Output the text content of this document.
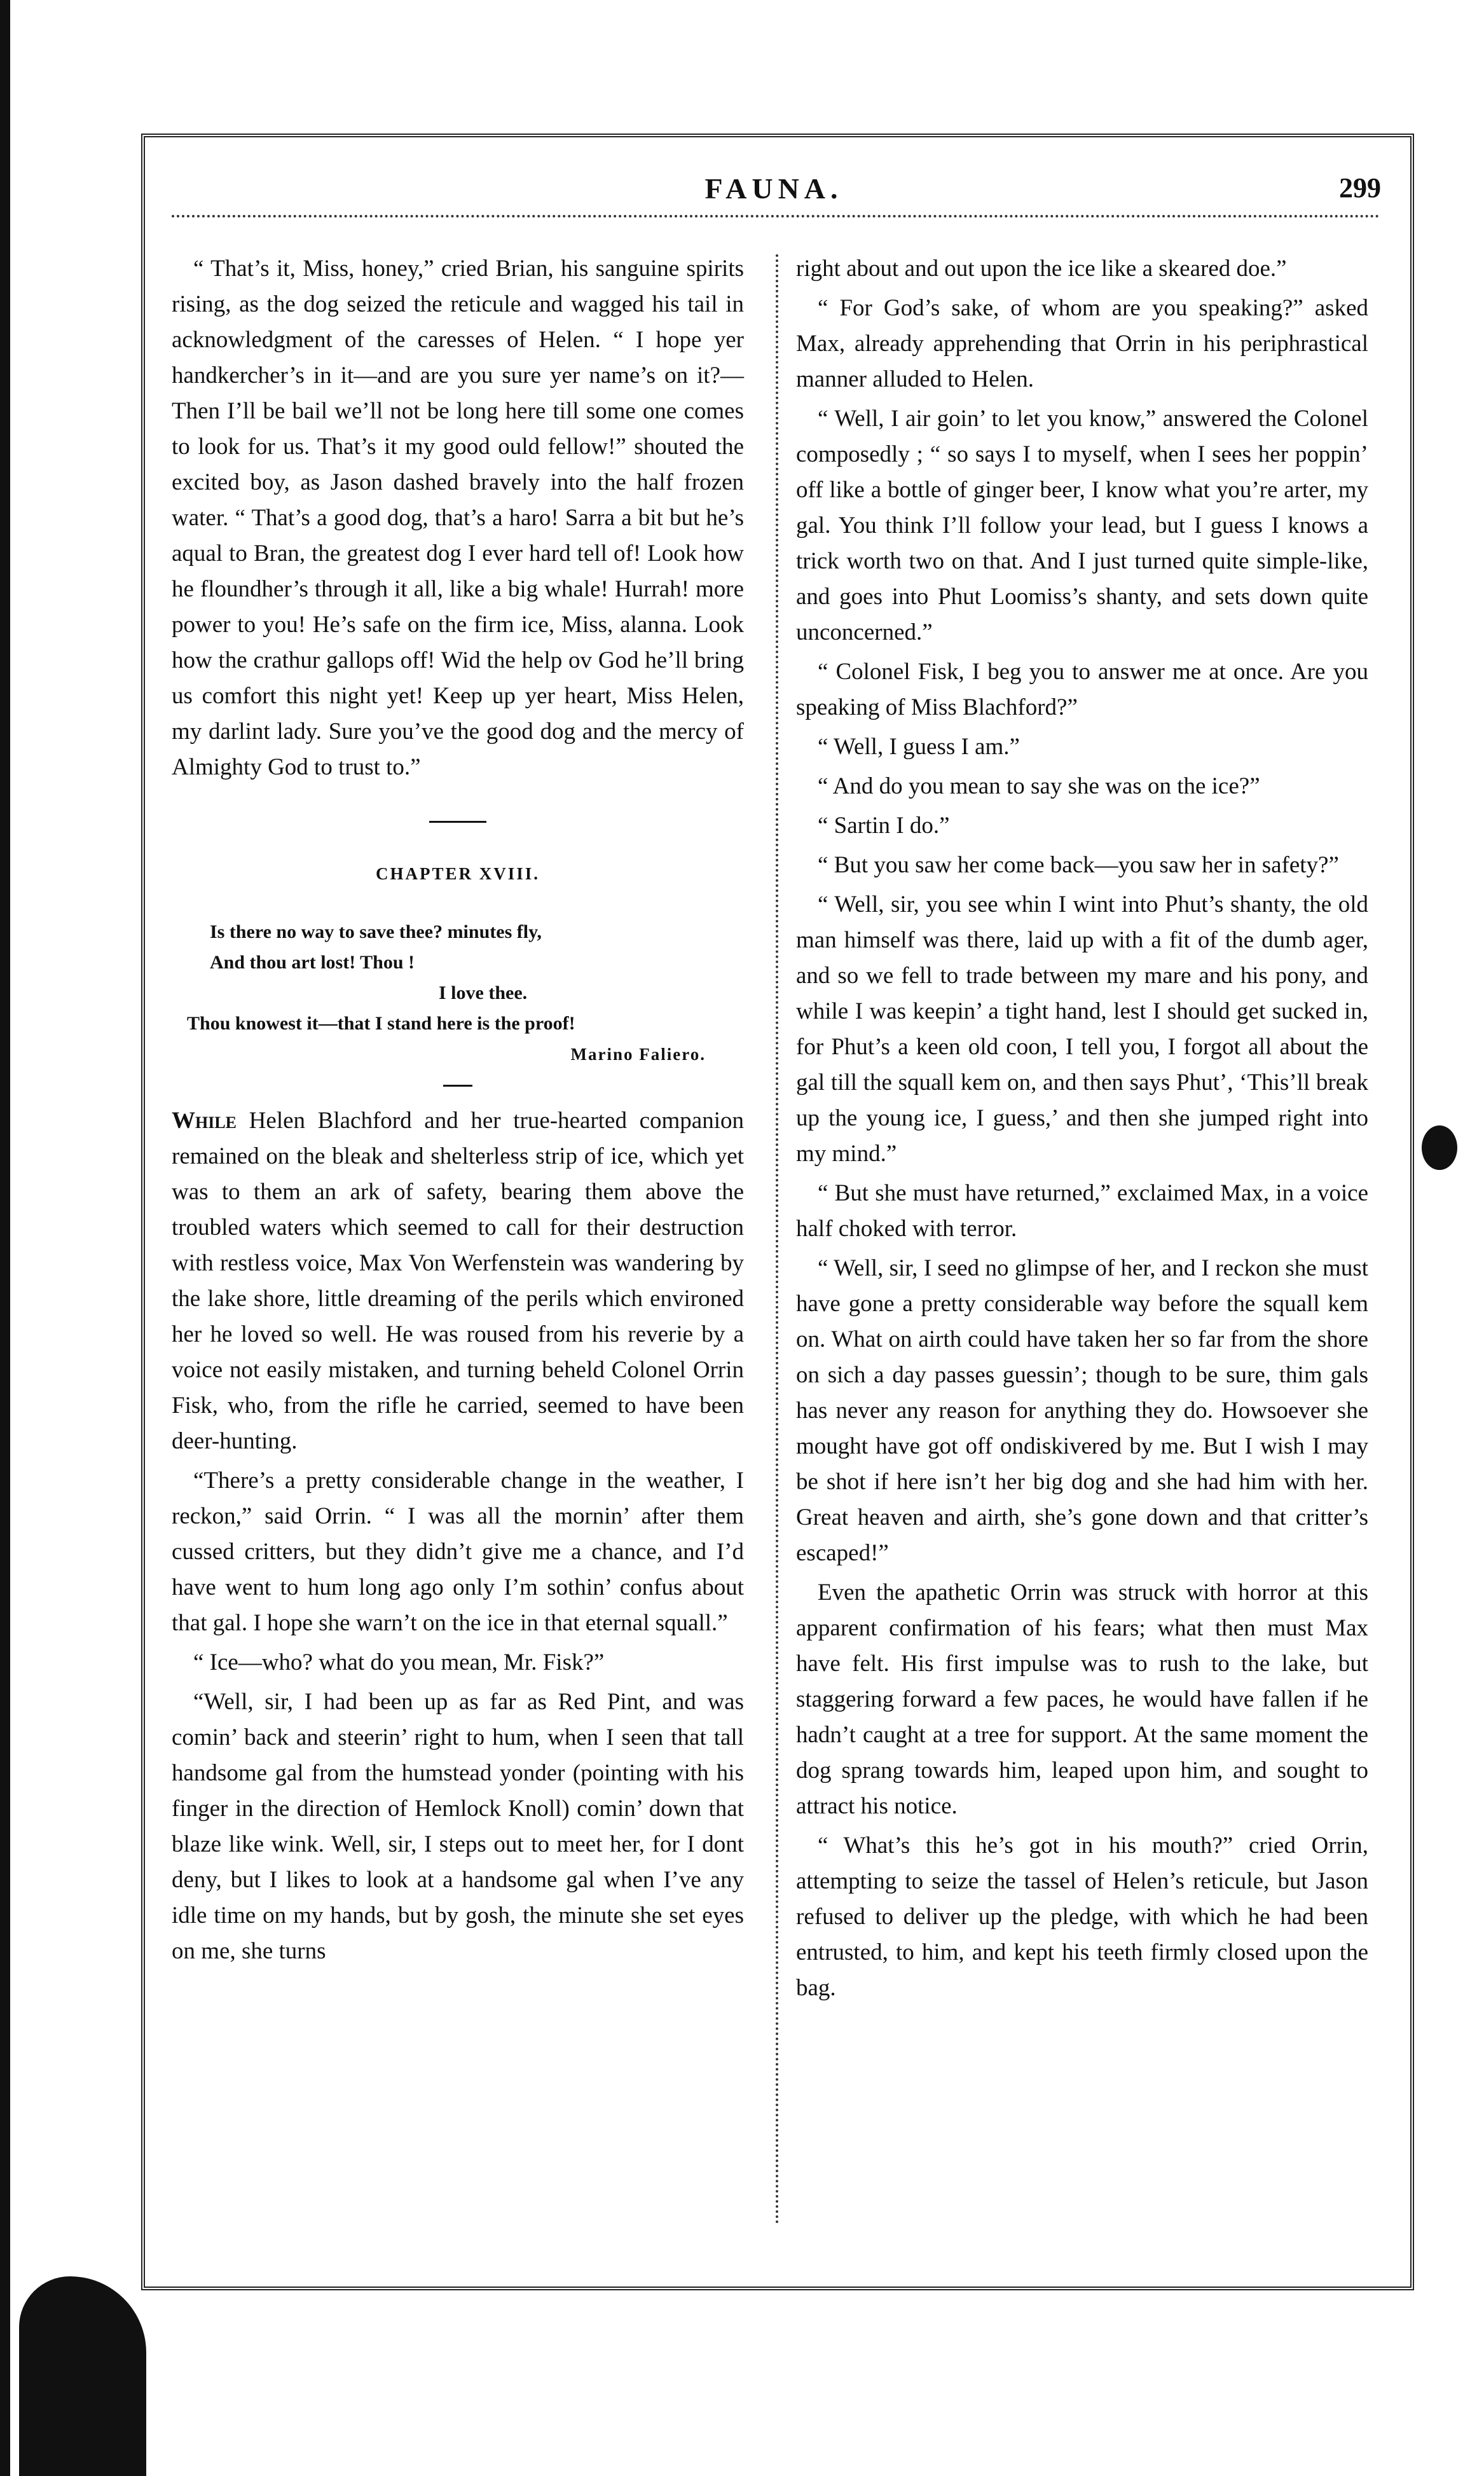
FAUNA.	299

“ That’s it, Miss, honey,” cried Brian, his sanguine spirits rising, as the dog seized the reticule and wagged his tail in acknowledgment of the caresses of Helen. “ I hope yer handkercher’s in it—and are you sure yer name’s on it?—Then I’ll be bail we’ll not be long here till some one comes to look for us. That’s it my good ould fellow!” shouted the excited boy, as Jason dashed bravely into the half frozen water. “ That’s a good dog, that’s a haro! Sarra a bit but he’s aqual to Bran, the greatest dog I ever hard tell of! Look how he floundher’s through it all, like a big whale! Hurrah! more power to you! He’s safe on the firm ice, Miss, alanna. Look how the crathur gallops off! Wid the help ov God he’ll bring us comfort this night yet! Keep up yer heart, Miss Helen, my darlint lady. Sure you’ve the good dog and the mercy of Almighty God to trust to.”

CHAPTER XVIII.
Is there no way to save thee? minutes fly,
And thou art lost! Thou !
I love thee.
Thou knowest it—that I stand here is the proof!
Marino Faliero.

While Helen Blachford and her true-hearted companion remained on the bleak and shelterless strip of ice, which yet was to them an ark of safety, bearing them above the troubled waters which seemed to call for their destruction with restless voice, Max Von Werfenstein was wandering by the lake shore, little dreaming of the perils which environed her he loved so well. He was roused from his reverie by a voice not easily mistaken, and turning beheld Colonel Orrin Fisk, who, from the rifle he carried, seemed to have been deer-hunting.

“There’s a pretty considerable change in the weather, I reckon,” said Orrin. “ I was all the mornin’ after them cussed critters, but they didn’t give me a chance, and I’d have went to hum long ago only I’m sothin’ confus about that gal. I hope she warn’t on the ice in that eternal squall.”

“ Ice—who? what do you mean, Mr. Fisk?”

“Well, sir, I had been up as far as Red Pint, and was comin’ back and steerin’ right to hum, when I seen that tall handsome gal from the humstead yonder (pointing with his finger in the direction of Hemlock Knoll) comin’ down that blaze like wink. Well, sir, I steps out to meet her, for I dont deny, but I likes to look at a handsome gal when I’ve any idle time on my hands, but by gosh, the minute she set eyes on me, she turns

right about and out upon the ice like a skeared doe.”

“ For God’s sake, of whom are you speaking?” asked Max, already apprehending that Orrin in his periphrastical manner alluded to Helen.

“ Well, I air goin’ to let you know,” answered the Colonel composedly ; “ so says I to myself, when I sees her poppin’ off like a bottle of ginger beer, I know what you’re arter, my gal. You think I’ll follow your lead, but I guess I knows a trick worth two on that. And I just turned quite simple-like, and goes into Phut Loomiss’s shanty, and sets down quite unconcerned.”

“ Colonel Fisk, I beg you to answer me at once. Are you speaking of Miss Blachford?”

“ Well, I guess I am.”

“ And do you mean to say she was on the ice?”

“ Sartin I do.”

“ But you saw her come back—you saw her in safety?”

“ Well, sir, you see whin I wint into Phut’s shanty, the old man himself was there, laid up with a fit of the dumb ager, and so we fell to trade between my mare and his pony, and while I was keepin’ a tight hand, lest I should get sucked in, for Phut’s a keen old coon, I tell you, I forgot all about the gal till the squall kem on, and then says Phut’, ‘This’ll break up the young ice, I guess,’ and then she jumped right into my mind.”

“ But she must have returned,” exclaimed Max, in a voice half choked with terror.

“ Well, sir, I seed no glimpse of her, and I reckon she must have gone a pretty considerable way before the squall kem on. What on airth could have taken her so far from the shore on sich a day passes guessin’; though to be sure, thim gals has never any reason for anything they do. Howsoever she mought have got off ondiskivered by me. But I wish I may be shot if here isn’t her big dog and she had him with her. Great heaven and airth, she’s gone down and that critter’s escaped!”

Even the apathetic Orrin was struck with horror at this apparent confirmation of his fears; what then must Max have felt. His first impulse was to rush to the lake, but staggering forward a few paces, he would have fallen if he hadn’t caught at a tree for support. At the same moment the dog sprang towards him, leaped upon him, and sought to attract his notice.

“ What’s this he’s got in his mouth?” cried Orrin, attempting to seize the tassel of Helen’s reticule, but Jason refused to deliver up the pledge, with which he had been entrusted, to him, and kept his teeth firmly closed upon the bag.
